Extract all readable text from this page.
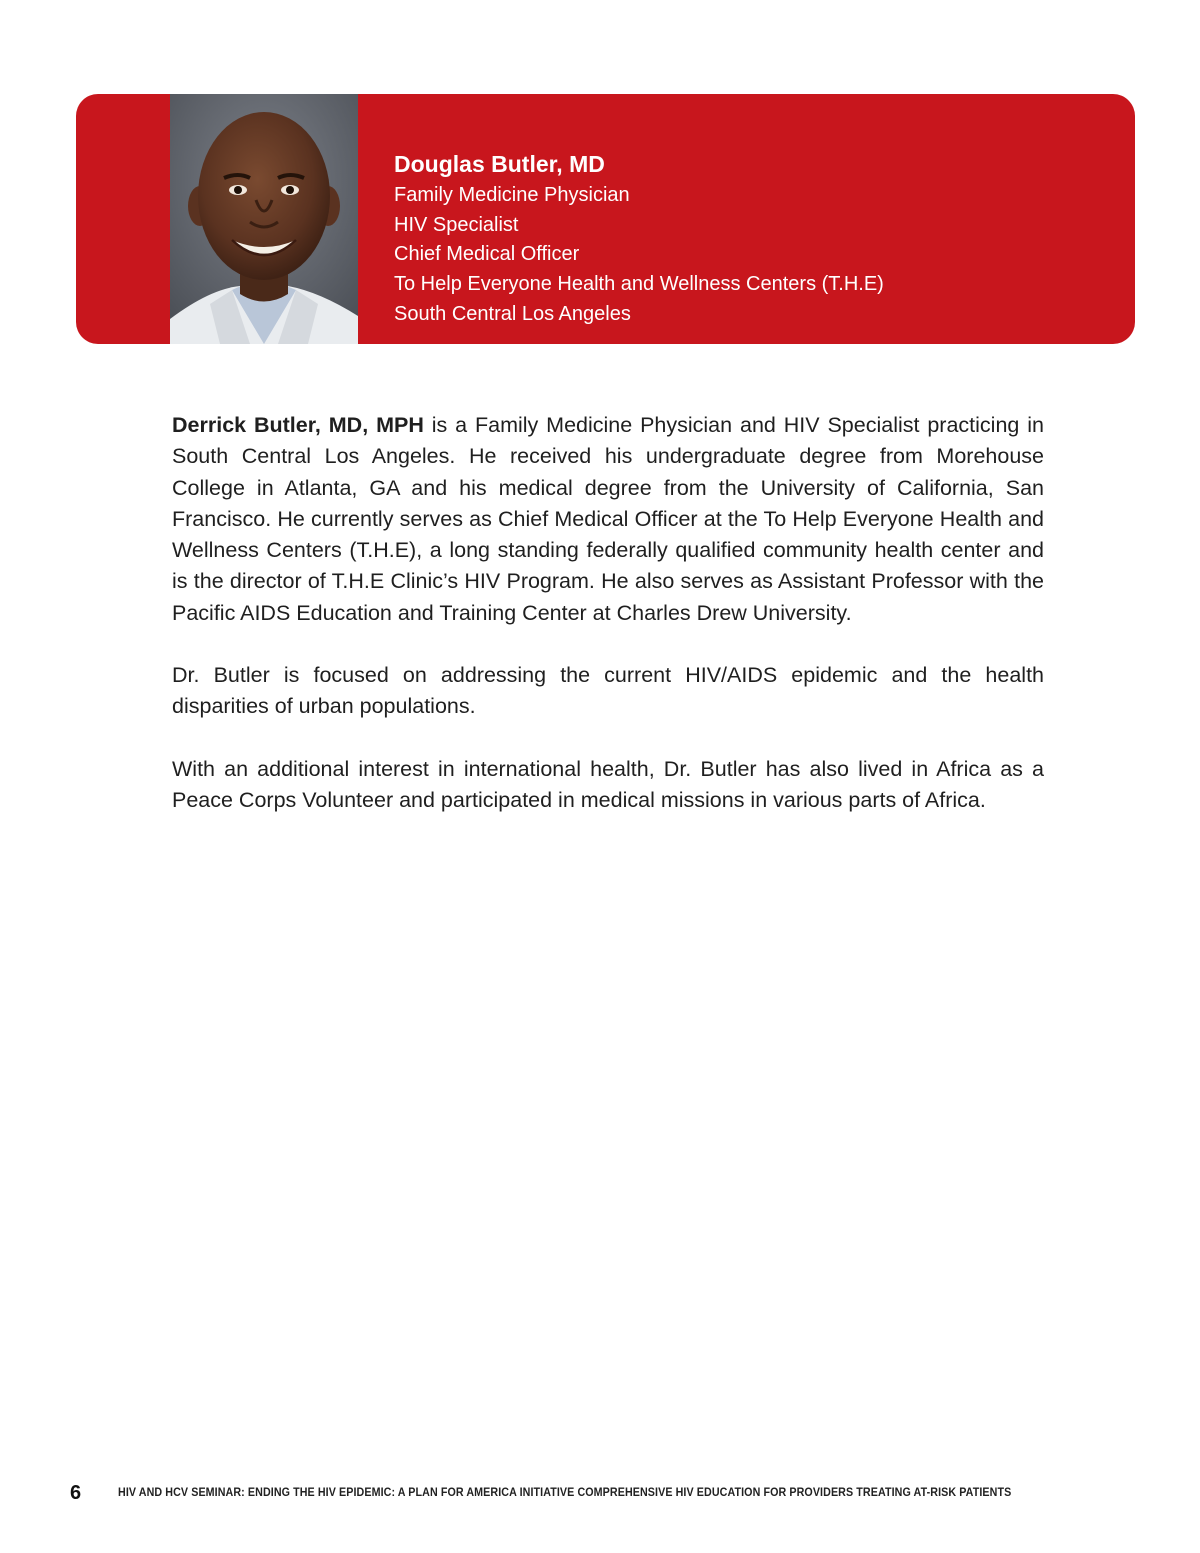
Douglas Butler, MD
Family Medicine Physician
HIV Specialist
Chief Medical Officer
To Help Everyone Health and Wellness Centers (T.H.E)
South Central Los Angeles

Derrick Butler, MD, MPH is a Family Medicine Physician and HIV Specialist practicing in South Central Los Angeles. He received his undergraduate degree from Morehouse College in Atlanta, GA and his medical degree from the University of California, San Francisco. He currently serves as Chief Medical Officer at the To Help Everyone Health and Wellness Centers (T.H.E), a long standing federally qualified community health center and is the director of T.H.E Clinic’s HIV Program. He also serves as Assistant Professor with the Pacific AIDS Education and Training Center at Charles Drew University.

Dr. Butler is focused on addressing the current HIV/AIDS epidemic and the health disparities of urban populations.

With an additional interest in international health, Dr. Butler has also lived in Africa as a Peace Corps Volunteer and participated in medical missions in various parts of Africa.

6	HIV AND HCV SEMINAR: ENDING THE HIV EPIDEMIC: A PLAN FOR AMERICA INITIATIVE COMPREHENSIVE HIV EDUCATION FOR PROVIDERS TREATING AT-RISK PATIENTS
